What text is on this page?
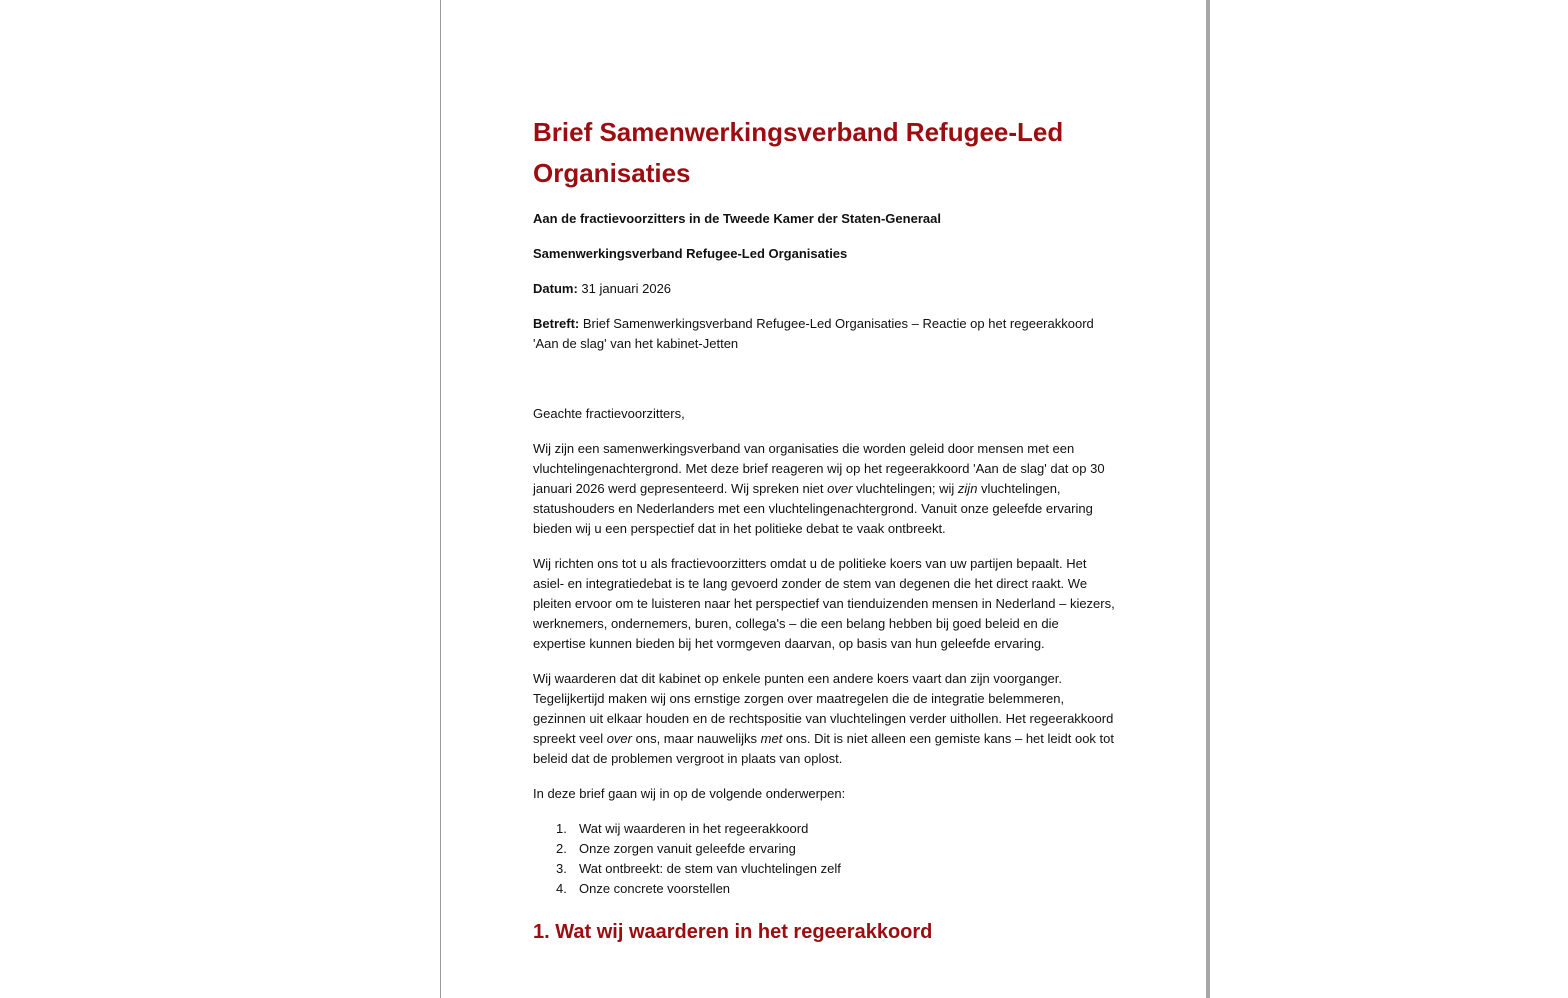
Brief Samenwerkingsverband Refugee-Led Organisaties

Aan de fractievoorzitters in de Tweede Kamer der Staten-Generaal

Samenwerkingsverband Refugee-Led Organisaties

Datum: 31 januari 2026

Betreft: Brief Samenwerkingsverband Refugee-Led Organisaties – Reactie op het regeerakkoord 'Aan de slag' van het kabinet-Jetten

Geachte fractievoorzitters,

Wij zijn een samenwerkingsverband van organisaties die worden geleid door mensen met een vluchtelingenachtergrond. Met deze brief reageren wij op het regeerakkoord 'Aan de slag' dat op 30 januari 2026 werd gepresenteerd. Wij spreken niet over vluchtelingen; wij zijn vluchtelingen, statushouders en Nederlanders met een vluchtelingenachtergrond. Vanuit onze geleefde ervaring bieden wij u een perspectief dat in het politieke debat te vaak ontbreekt.

Wij richten ons tot u als fractievoorzitters omdat u de politieke koers van uw partijen bepaalt. Het asiel- en integratiedebat is te lang gevoerd zonder de stem van degenen die het direct raakt. We pleiten ervoor om te luisteren naar het perspectief van tienduizenden mensen in Nederland – kiezers, werknemers, ondernemers, buren, collega's – die een belang hebben bij goed beleid en die expertise kunnen bieden bij het vormgeven daarvan, op basis van hun geleefde ervaring.

Wij waarderen dat dit kabinet op enkele punten een andere koers vaart dan zijn voorganger. Tegelijkertijd maken wij ons ernstige zorgen over maatregelen die de integratie belemmeren, gezinnen uit elkaar houden en de rechtspositie van vluchtelingen verder uithollen. Het regeerakkoord spreekt veel over ons, maar nauwelijks met ons. Dit is niet alleen een gemiste kans – het leidt ook tot beleid dat de problemen vergroot in plaats van oplost.

In deze brief gaan wij in op de volgende onderwerpen:

1. Wat wij waarderen in het regeerakkoord
2. Onze zorgen vanuit geleefde ervaring
3. Wat ontbreekt: de stem van vluchtelingen zelf
4. Onze concrete voorstellen
1. Wat wij waarderen in het regeerakkoord
